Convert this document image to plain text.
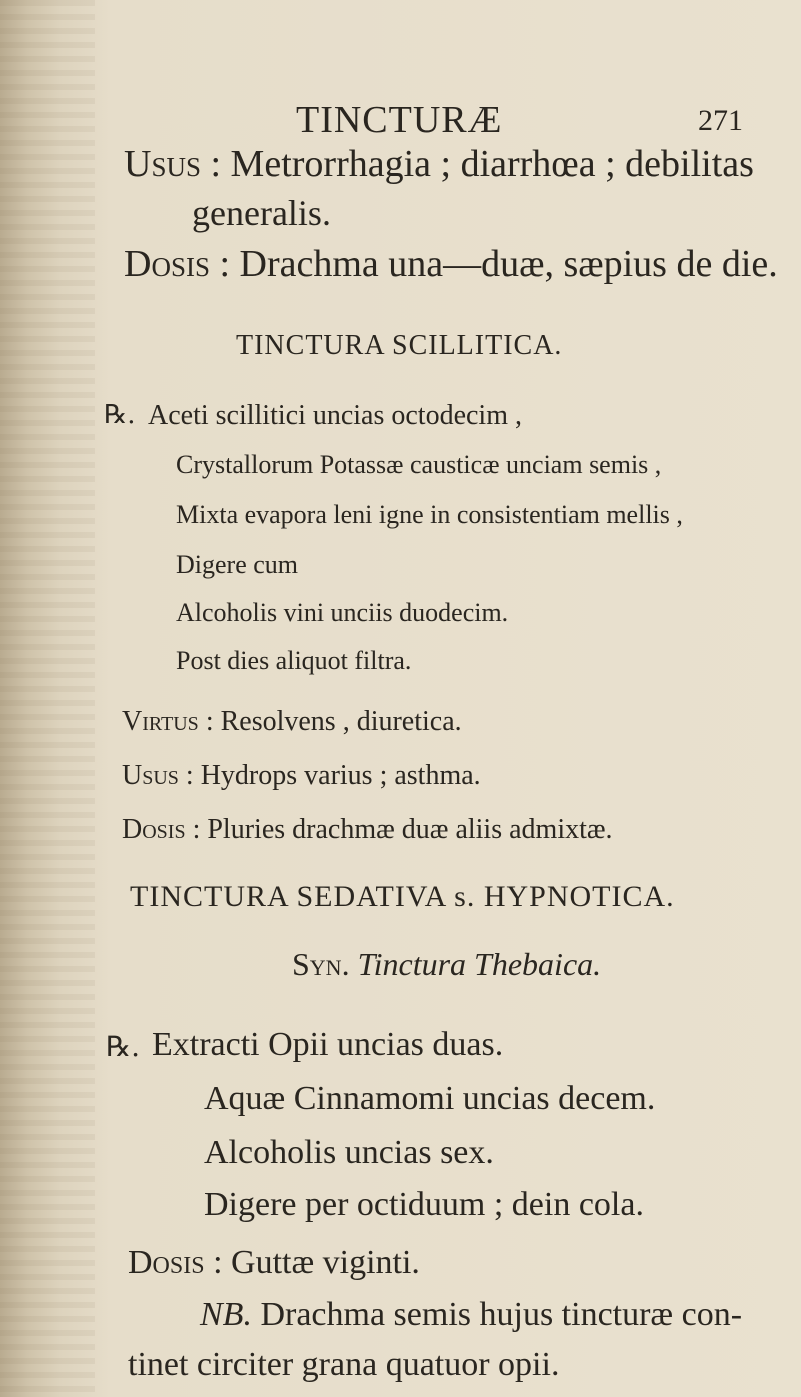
TINCTURÆ	271
Usus : Metrorrhagia ; diarrhœa ; debilitas
generalis.
Dosis : Drachma una—duæ, sæpius de die.
TINCTURA SCILLITICA.
℞. Aceti scillitici uncias octodecim ,
Crystallorum Potassæ causticæ unciam semis ,
Mixta evapora leni igne in consistentiam mellis ,
Digere cum
Alcoholis vini unciis duodecim.
Post dies aliquot filtra.
Virtus : Resolvens , diuretica.
Usus : Hydrops varius ; asthma.
Dosis : Pluries drachmæ duæ aliis admixtæ.
TINCTURA SEDATIVA s. HYPNOTICA.
Syn. Tinctura Thebaica.
℞. Extracti Opii uncias duas.
Aquæ Cinnamomi uncias decem.
Alcoholis uncias sex.
Digere per octiduum ; dein cola.
Dosis : Guttæ viginti.
NB. Drachma semis hujus tincturæ con-
tinet circiter grana quatuor opii.
